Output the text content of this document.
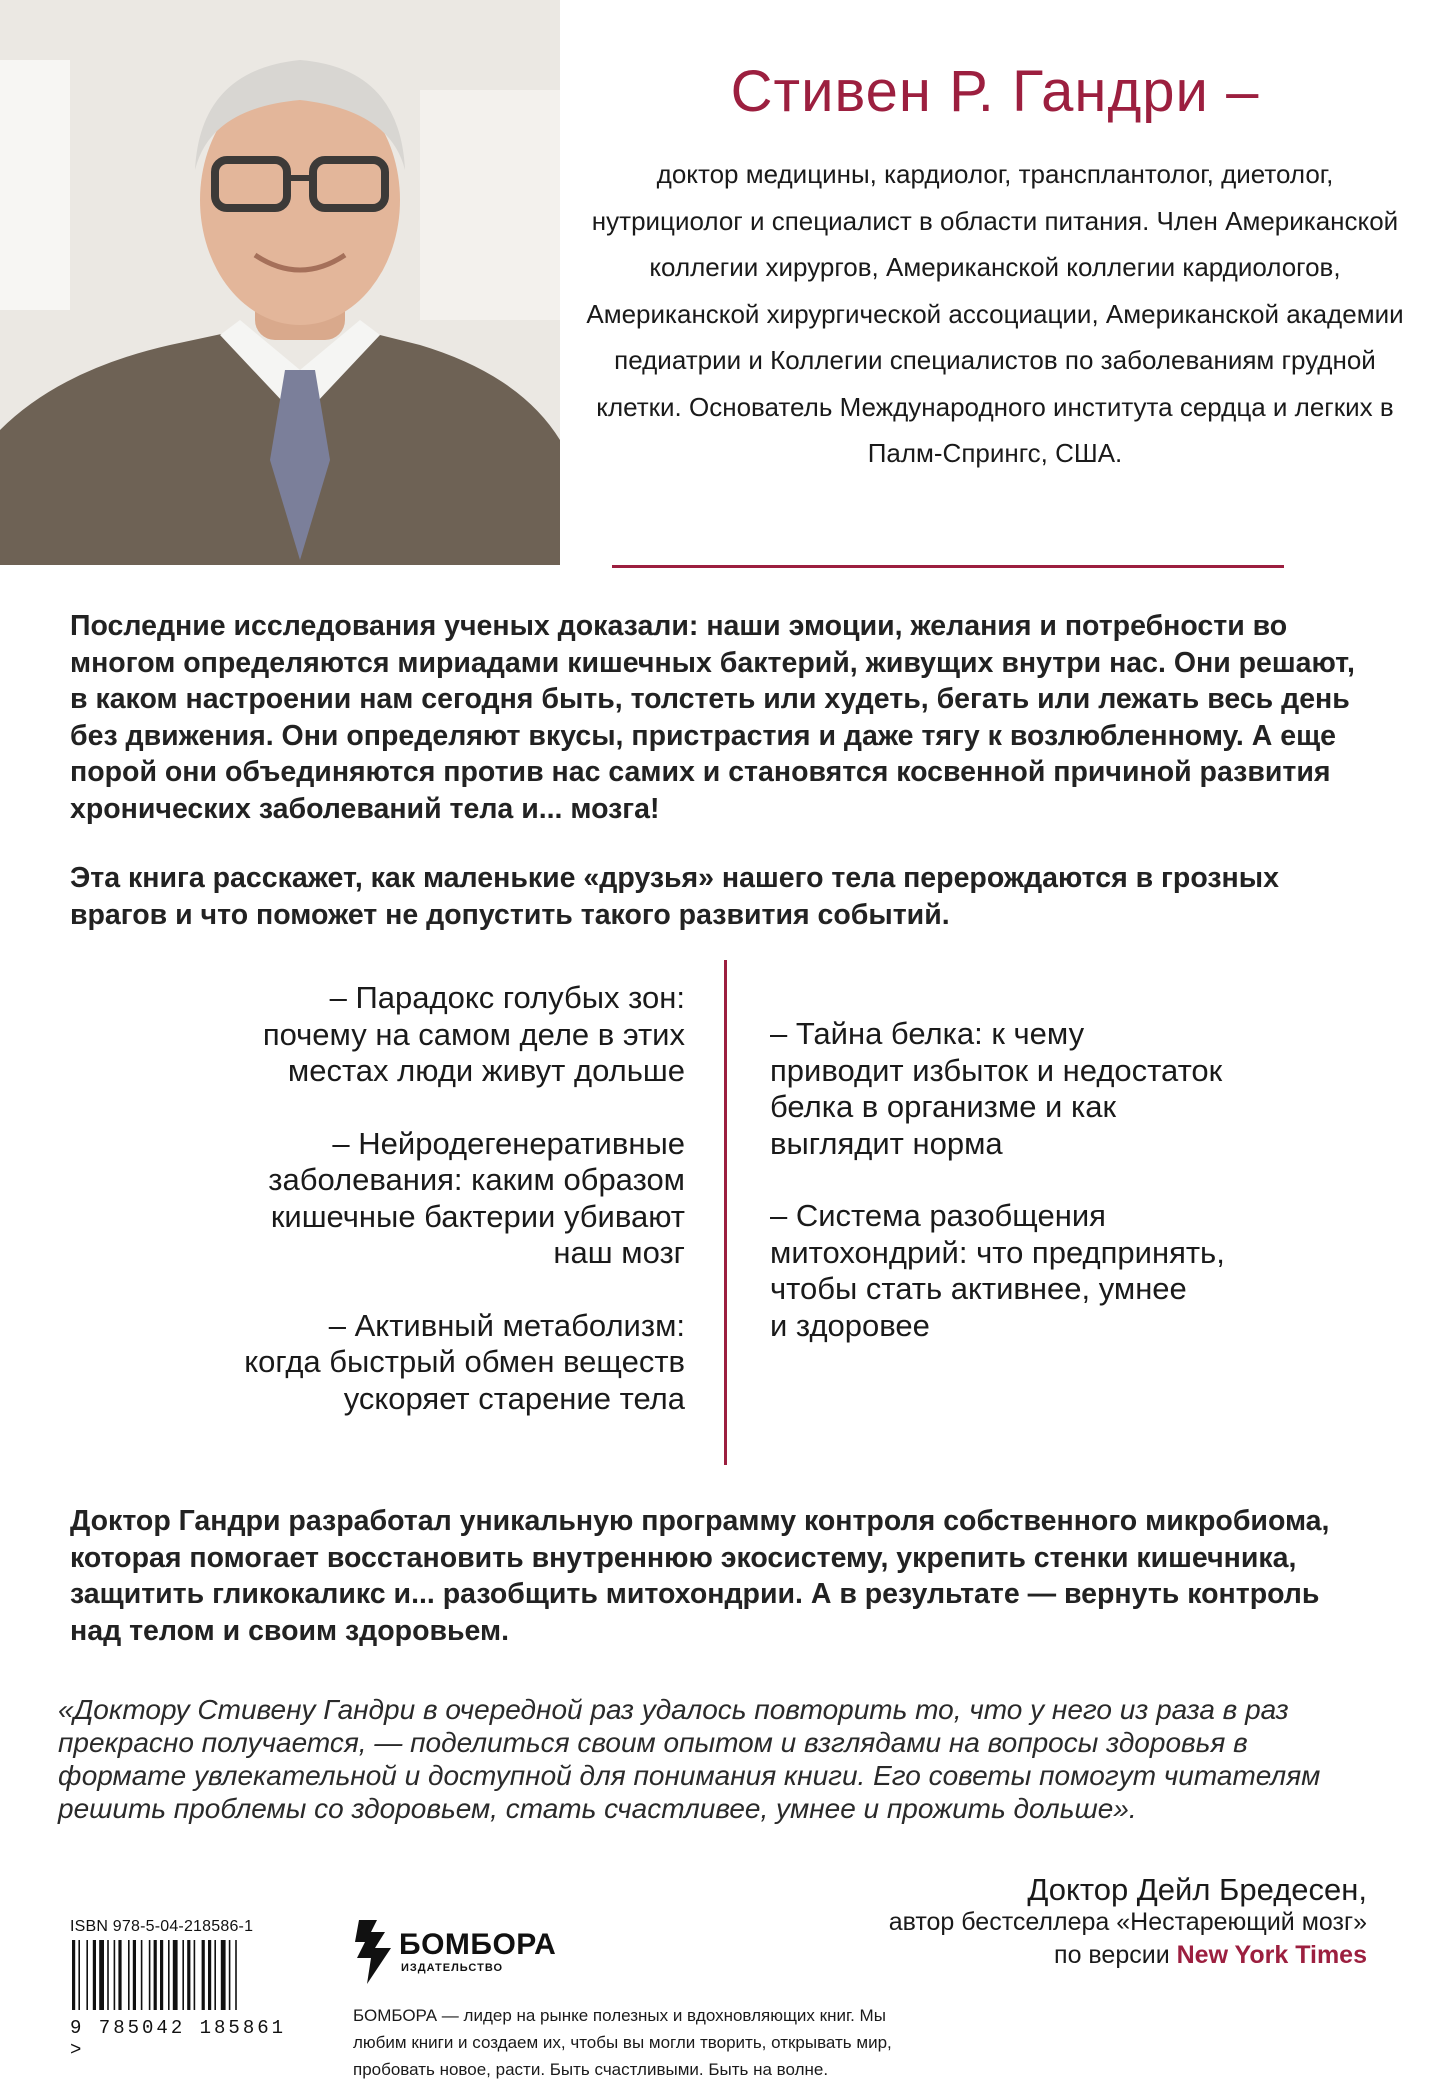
Стивен Р. Гандри –

доктор медицины, кардиолог, трансплантолог, диетолог, нутрициолог и специалист в области питания. Член Американской коллегии хирургов, Американской коллегии кардиологов, Американской хирургической ассоциации, Американской академии педиатрии и Коллегии специалистов по заболеваниям грудной клетки. Основатель Международного института сердца и легких в Палм-Спрингс, США.

Последние исследования ученых доказали: наши эмоции, желания и потребности во многом определяются мириадами кишечных бактерий, живущих внутри нас. Они решают, в каком настроении нам сегодня быть, толстеть или худеть, бегать или лежать весь день без движения. Они определяют вкусы, пристрастия и даже тягу к возлюбленному. А еще порой они объединяются против нас самих и становятся косвенной причиной развития хронических заболеваний тела и... мозга!

Эта книга расскажет, как маленькие «друзья» нашего тела перерождаются в грозных врагов и что поможет не допустить такого развития событий.

– Парадокс голубых зон:
почему на самом деле в этих
местах люди живут дольше

– Нейродегенеративные
заболевания: каким образом
кишечные бактерии убивают
наш мозг

– Активный метаболизм:
когда быстрый обмен веществ
ускоряет старение тела

– Тайна белка: к чему
приводит избыток и недостаток
белка в организме и как
выглядит норма

– Система разобщения
митохондрий: что предпринять,
чтобы стать активнее, умнее
и здоровее

Доктор Гандри разработал уникальную программу контроля собственного микробиома, которая помогает восстановить внутреннюю экосистему, укрепить стенки кишечника, защитить гликокаликс и... разобщить митохондрии. А в результате — вернуть контроль над телом и своим здоровьем.

«Доктору Стивену Гандри в очередной раз удалось повторить то, что у него из раза в раз прекрасно получается, — поделиться своим опытом и взглядами на вопросы здоровья в формате увлекательной и доступной для понимания книги. Его советы помогут читателям решить проблемы со здоровьем, стать счастливее, умнее и прожить дольше».

Доктор Дейл Бредесен,
автор бестселлера «Нестареющий мозг»
по версии New York Times

ISBN 978-5-04-218586-1

9 785042 185861 >
БОМБОРА
ИЗДАТЕЛЬСТВО

БОМБОРА — лидер на рынке полезных и вдохновляющих книг. Мы любим книги и создаем их, чтобы вы могли творить, открывать мир, пробовать новое, расти. Быть счастливыми. Быть на волне.
